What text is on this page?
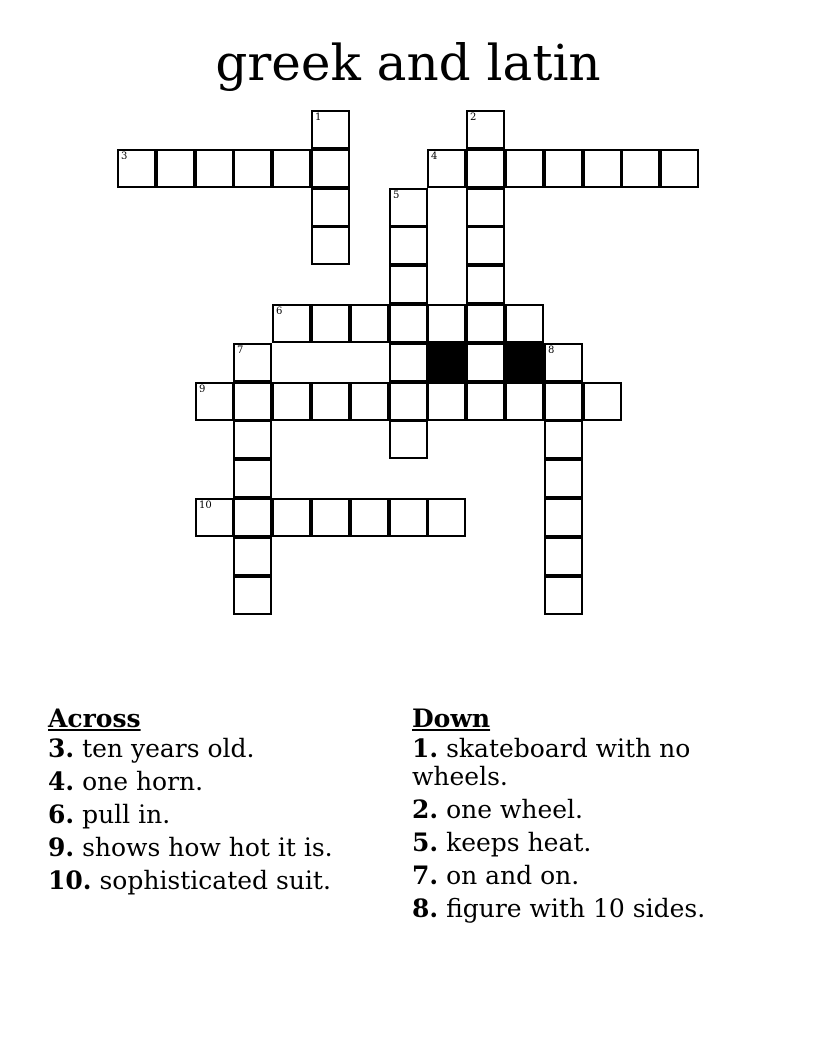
greek and latin
1	2
3	4
5
6
7	8
9
10
Across
3. ten years old.
4. one horn.
6. pull in.
9. shows how hot it is.
10. sophisticated suit.
Down
1. skateboard with no wheels.
2. one wheel.
5. keeps heat.
7. on and on.
8. figure with 10 sides.
